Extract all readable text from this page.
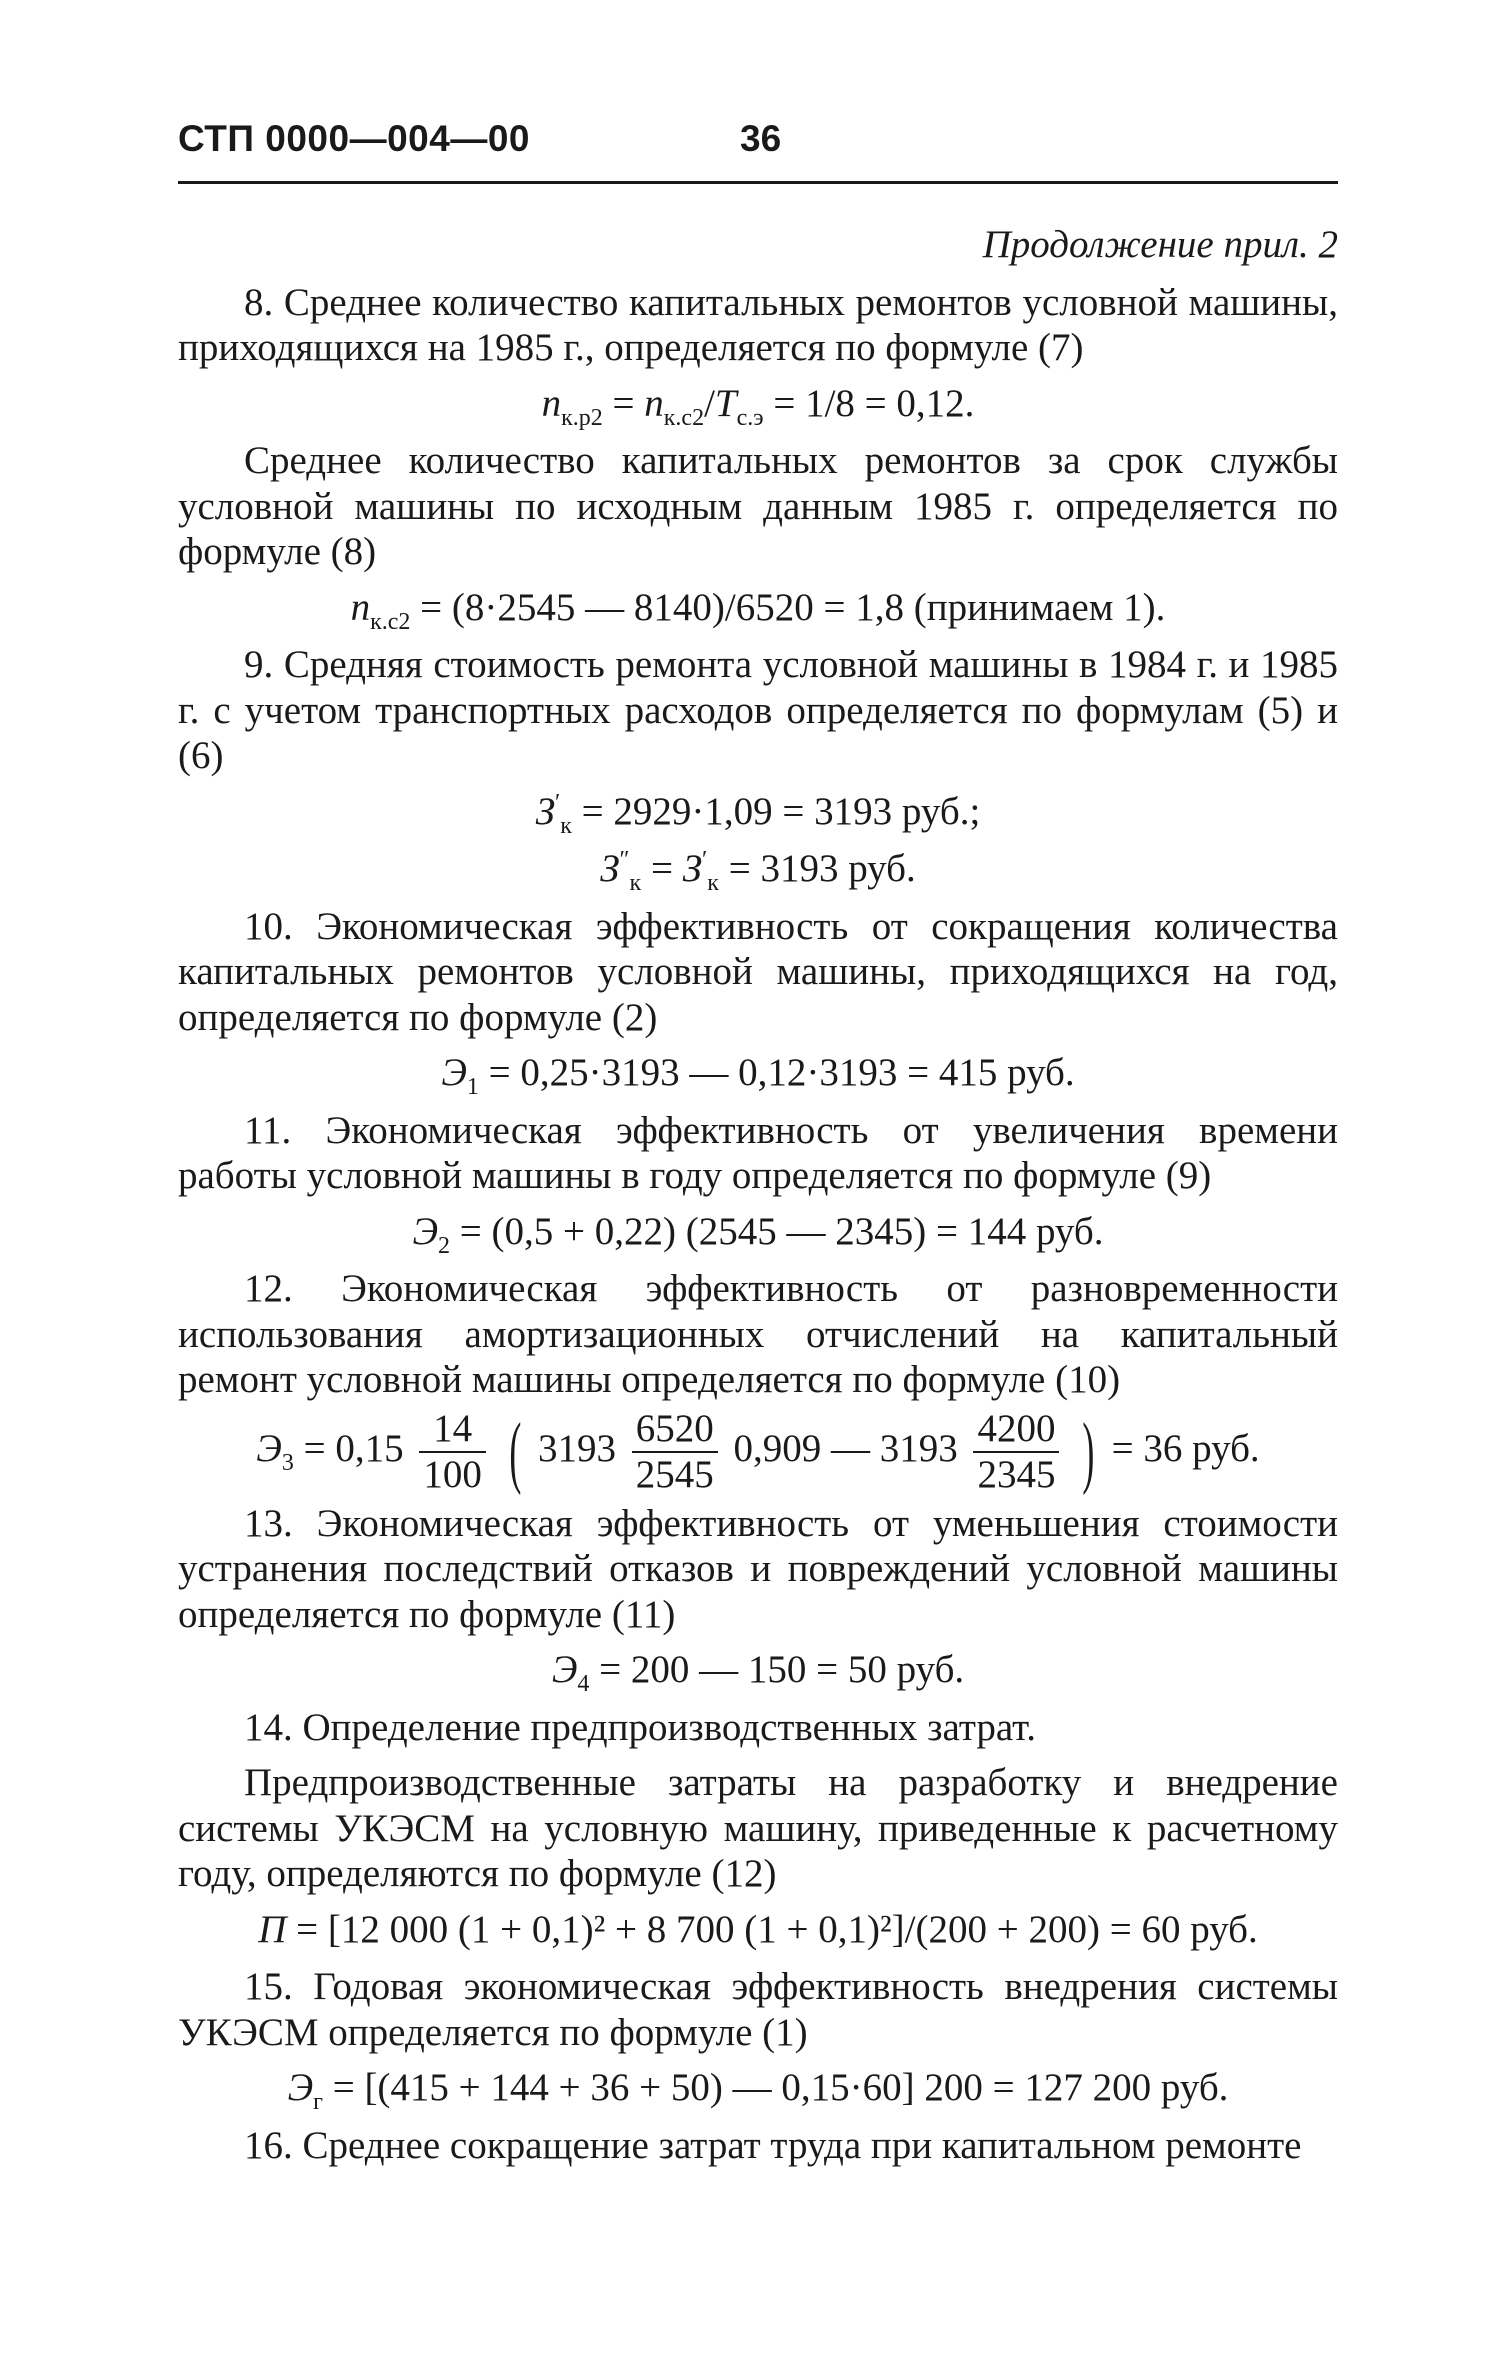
СТП 0000—004—00	36

Продолжение прил. 2

8. Среднее количество капитальных ремонтов условной машины, приходящихся на 1985 г., определяется по формуле (7)

$n_{к.р2} = n_{к.с2}/T_{с.э} = 1/8 = 0,12$.

Среднее количество капитальных ремонтов за срок службы условной машины по исходным данным 1985 г. определяется по формуле (8)

$n_{к.с2} = (8\cdot 2545$ — 8140)/6520 = 1,8 (принимаем 1).

9. Средняя стоимость ремонта условной машины в 1984 г. и 1985 г. с учетом транспортных расходов определяется по формулам (5) и (6)

$З'_к = 2929\cdot 1,09 = 3193$ руб.;
$З''_к = З'_к = 3193$ руб.

10. Экономическая эффективность от сокращения количества капитальных ремонтов условной машины, приходящихся на год, определяется по формуле (2)

$Э_1 = 0,25\cdot 3193$ — 0,12·3193 = 415 руб.

11. Экономическая эффективность от увеличения времени работы условной машины в году определяется по формуле (9)

$Э_2 = (0,5 + 0,22)$ (2545 — 2345) = 144 руб.

12. Экономическая эффективность от разновременности использования амортизационных отчислений на капитальный ремонт условной машины определяется по формуле (10)

$Э_3 = 0,15 \frac{14}{100}$ ( $3193 \frac{6520}{2545} 0,909$ — $3193 \frac{4200}{2345}$ ) = 36 руб.

13. Экономическая эффективность от уменьшения стоимости устранения последствий отказов и повреждений условной машины определяется по формуле (11)

$Э_4 = 200$ — 150 = 50 руб.

14. Определение предпроизводственных затрат.

Предпроизводственные затраты на разработку и внедрение системы УКЭСМ на условную машину, приведенные к расчетному году, определяются по формуле (12)

П = [12 000 (1 + 0,1)² + 8 700 (1 + 0,1)²]/(200 + 200) = 60 руб.

15. Годовая экономическая эффективность внедрения системы УКЭСМ определяется по формуле (1)

$Э_г = [(415 + 144 + 36 + 50)$ — 0,15·60] 200 = 127 200 руб.

16. Среднее сокращение затрат труда при капитальном ремонте
